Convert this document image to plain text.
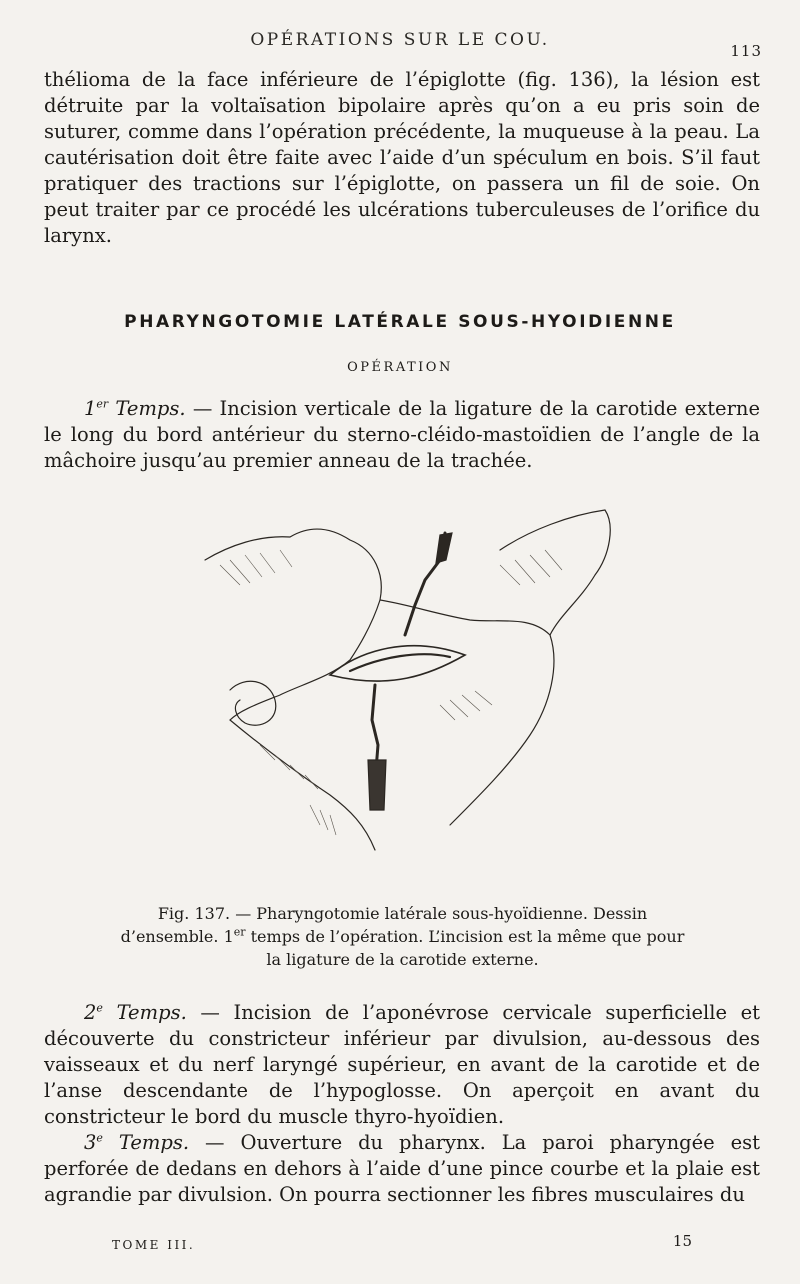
OPÉRATIONS SUR LE COU.
113

thélioma de la face inférieure de l’épiglotte (fig. 136), la lésion est détruite par la voltaïsation bipolaire après qu’on a eu pris soin de suturer, comme dans l’opération précédente, la muqueuse à la peau. La cautérisation doit être faite avec l’aide d’un spéculum en bois. S’il faut pratiquer des tractions sur l’épiglotte, on passera un fil de soie. On peut traiter par ce procédé les ulcérations tuberculeuses de l’orifice du larynx.

PHARYNGOTOMIE LATÉRALE SOUS-HYOIDIENNE
OPÉRATION

1er Temps. — Incision verticale de la ligature de la carotide externe le long du bord antérieur du sterno-cléido-mastoïdien de l’angle de la mâchoire jusqu’au premier anneau de la trachée.

Fig. 137. — Pharyngotomie latérale sous-hyoïdienne. Dessin d’ensemble. 1er temps de l’opération. L’incision est la même que pour la ligature de la carotide externe.

2e Temps. — Incision de l’aponévrose cervicale superficielle et découverte du constricteur inférieur par divulsion, au-dessous des vaisseaux et du nerf laryngé supérieur, en avant de la carotide et de l’anse descendante de l’hypoglosse. On aperçoit en avant du constricteur le bord du muscle thyro-hyoïdien.

3e Temps. — Ouverture du pharynx. La paroi pharyngée est perforée de dedans en dehors à l’aide d’une pince courbe et la plaie est agrandie par divulsion. On pourra sectionner les fibres musculaires du

TOME III.	15
